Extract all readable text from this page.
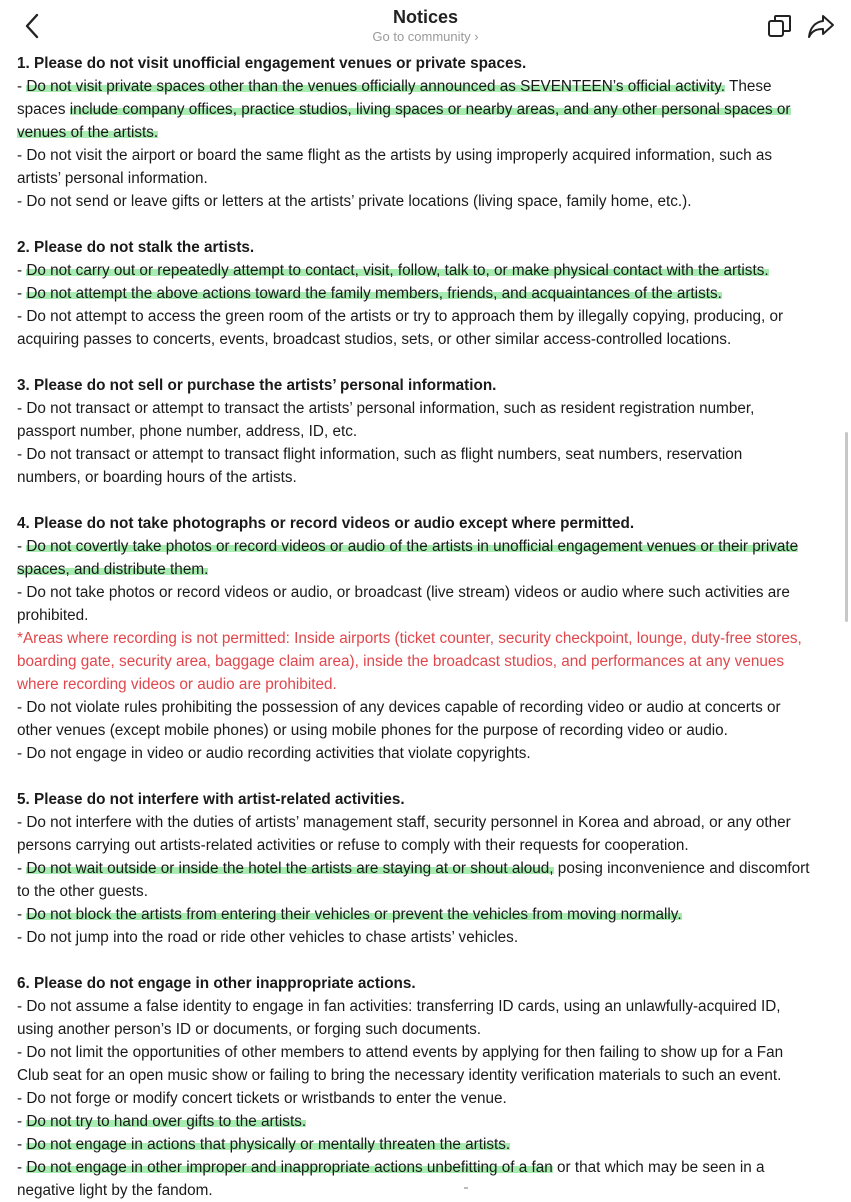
Notices
Go to community ›
1. Please do not visit unofficial engagement venues or private spaces.
- Do not visit private spaces other than the venues officially announced as SEVENTEEN’s official activity. These
spaces include company offices, practice studios, living spaces or nearby areas, and any other personal spaces or
venues of the artists.
- Do not visit the airport or board the same flight as the artists by using improperly acquired information, such as
artists’ personal information.
- Do not send or leave gifts or letters at the artists’ private locations (living space, family home, etc.).
2. Please do not stalk the artists.
- Do not carry out or repeatedly attempt to contact, visit, follow, talk to, or make physical contact with the artists.
- Do not attempt the above actions toward the family members, friends, and acquaintances of the artists.
- Do not attempt to access the green room of the artists or try to approach them by illegally copying, producing, or
acquiring passes to concerts, events, broadcast studios, sets, or other similar access-controlled locations.
3. Please do not sell or purchase the artists’ personal information.
- Do not transact or attempt to transact the artists’ personal information, such as resident registration number,
passport number, phone number, address, ID, etc.
- Do not transact or attempt to transact flight information, such as flight numbers, seat numbers, reservation
numbers, or boarding hours of the artists.
4. Please do not take photographs or record videos or audio except where permitted.
- Do not covertly take photos or record videos or audio of the artists in unofficial engagement venues or their private
spaces, and distribute them.
- Do not take photos or record videos or audio, or broadcast (live stream) videos or audio where such activities are
prohibited.
*Areas where recording is not permitted: Inside airports (ticket counter, security checkpoint, lounge, duty-free stores,
boarding gate, security area, baggage claim area), inside the broadcast studios, and performances at any venues
where recording videos or audio are prohibited.
- Do not violate rules prohibiting the possession of any devices capable of recording video or audio at concerts or
other venues (except mobile phones) or using mobile phones for the purpose of recording video or audio.
- Do not engage in video or audio recording activities that violate copyrights.
5. Please do not interfere with artist-related activities.
- Do not interfere with the duties of artists’ management staff, security personnel in Korea and abroad, or any other
persons carrying out artists-related activities or refuse to comply with their requests for cooperation.
- Do not wait outside or inside the hotel the artists are staying at or shout aloud, posing inconvenience and discomfort
to the other guests.
- Do not block the artists from entering their vehicles or prevent the vehicles from moving normally.
- Do not jump into the road or ride other vehicles to chase artists’ vehicles.
6. Please do not engage in other inappropriate actions.
- Do not assume a false identity to engage in fan activities: transferring ID cards, using an unlawfully-acquired ID,
using another person’s ID or documents, or forging such documents.
- Do not limit the opportunities of other members to attend events by applying for then failing to show up for a Fan
Club seat for an open music show or failing to bring the necessary identity verification materials to such an event.
- Do not forge or modify concert tickets or wristbands to enter the venue.
- Do not try to hand over gifts to the artists.
- Do not engage in actions that physically or mentally threaten the artists.
- Do not engage in other improper and inappropriate actions unbefitting of a fan or that which may be seen in a
negative light by the fandom.
